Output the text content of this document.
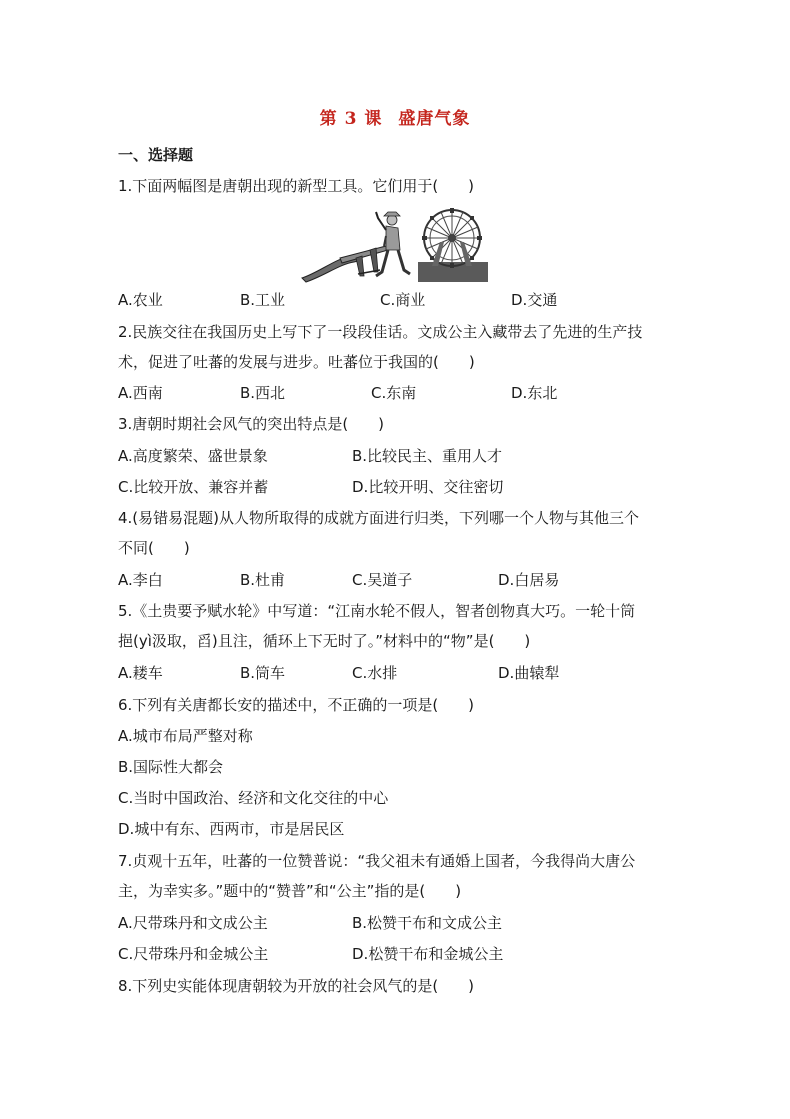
第 3 课 盛唐气象
一、选择题
1.下面两幅图是唐朝出现的新型工具。它们用于(　　)
A.农业	B.工业	C.商业	D.交通
2.民族交往在我国历史上写下了一段段佳话。文成公主入藏带去了先进的生产技
术，促进了吐蕃的发展与进步。吐蕃位于我国的(　　)
A.西南	B.西北	C.东南	D.东北
3.唐朝时期社会风气的突出特点是(　　)
A.高度繁荣、盛世景象	B.比较民主、重用人才
C.比较开放、兼容并蓄	D.比较开明、交往密切
4.(易错易混题)从人物所取得的成就方面进行归类，下列哪一个人物与其他三个
不同(　　)
A.李白	B.杜甫	C.吴道子	D.白居易
5.《土贵要予赋水轮》中写道：“江南水轮不假人，智者创物真大巧。一轮十筒
挹(yì汲取，舀)且注，循环上下无时了。”材料中的“物”是(　　)
A.耧车	B.筒车	C.水排	D.曲辕犁
6.下列有关唐都长安的描述中，不正确的一项是(　　)
A.城市布局严整对称
B.国际性大都会
C.当时中国政治、经济和文化交往的中心
D.城中有东、西两市，市是居民区
7.贞观十五年，吐蕃的一位赞普说：“我父祖未有通婚上国者，今我得尚大唐公
主，为幸实多。”题中的“赞普”和“公主”指的是(　　)
A.尺带珠丹和文成公主	B.松赞干布和文成公主
C.尺带珠丹和金城公主	D.松赞干布和金城公主
8.下列史实能体现唐朝较为开放的社会风气的是(　　)
